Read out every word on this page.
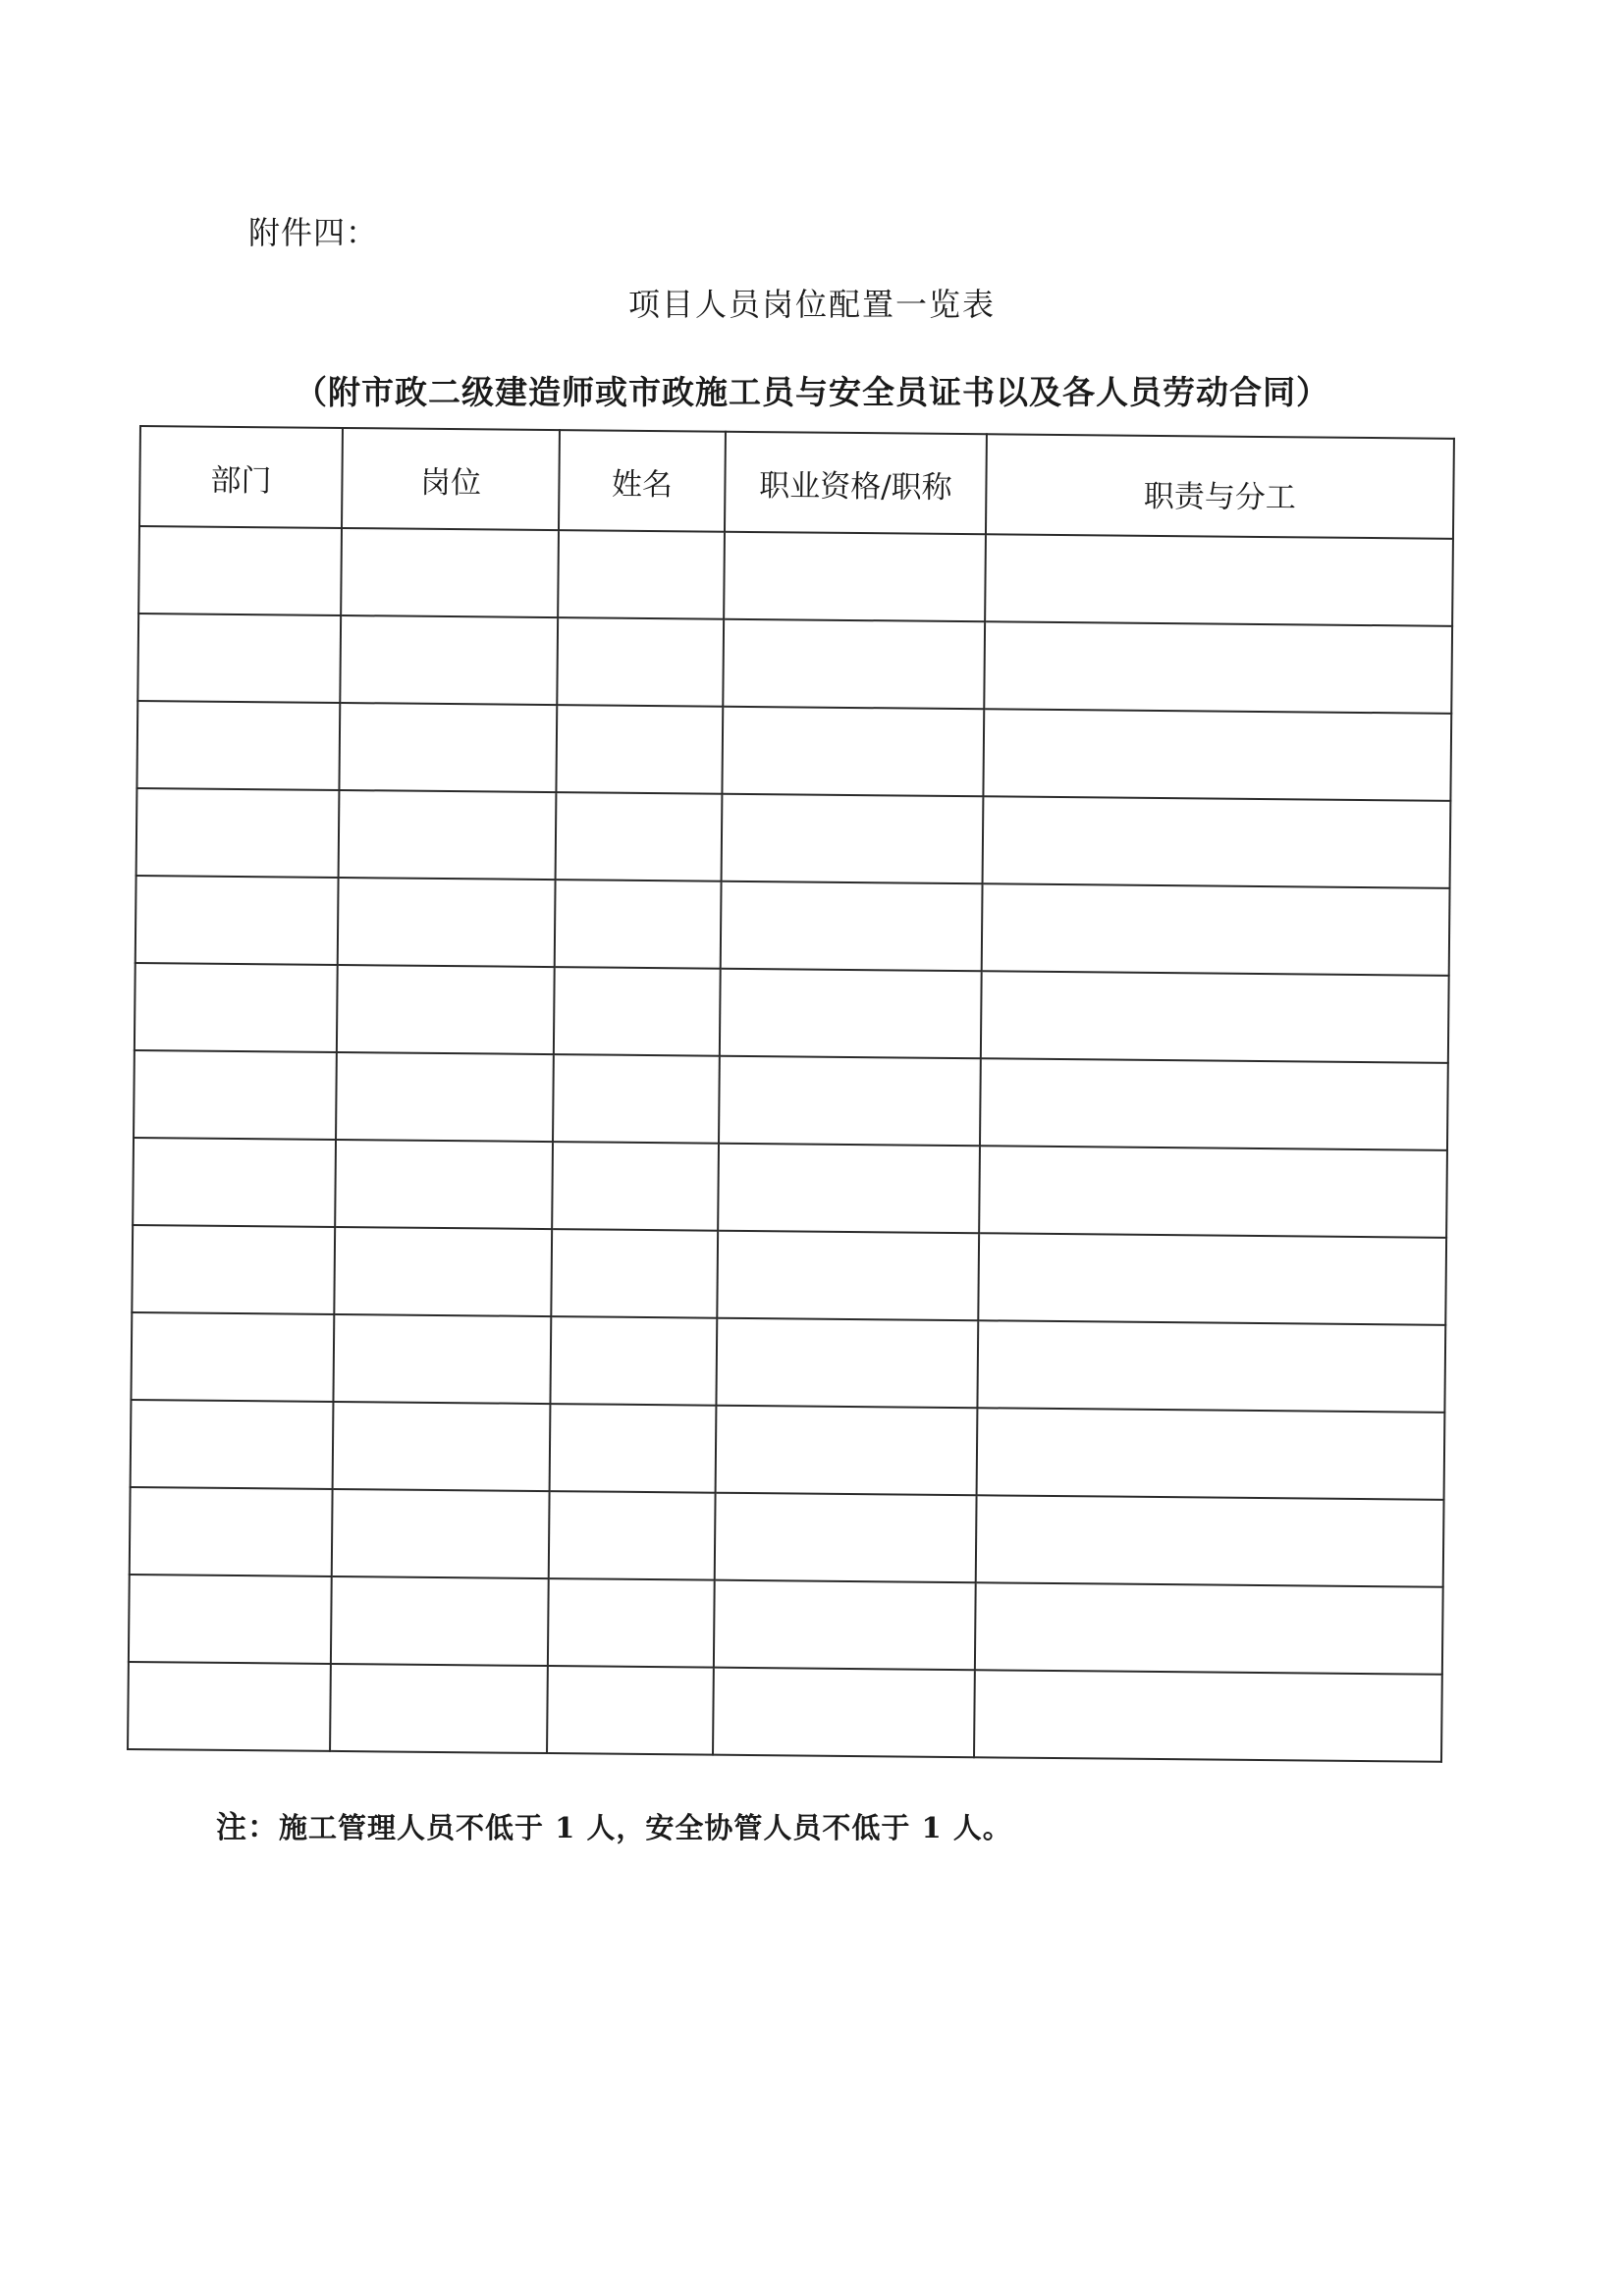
附件四：
项目人员岗位配置一览表
（附市政二级建造师或市政施工员与安全员证书以及各人员劳动合同）
部门	岗位	姓名	职业资格/职称	职责与分工

注：施工管理人员不低于 1 人，安全协管人员不低于 1 人。
